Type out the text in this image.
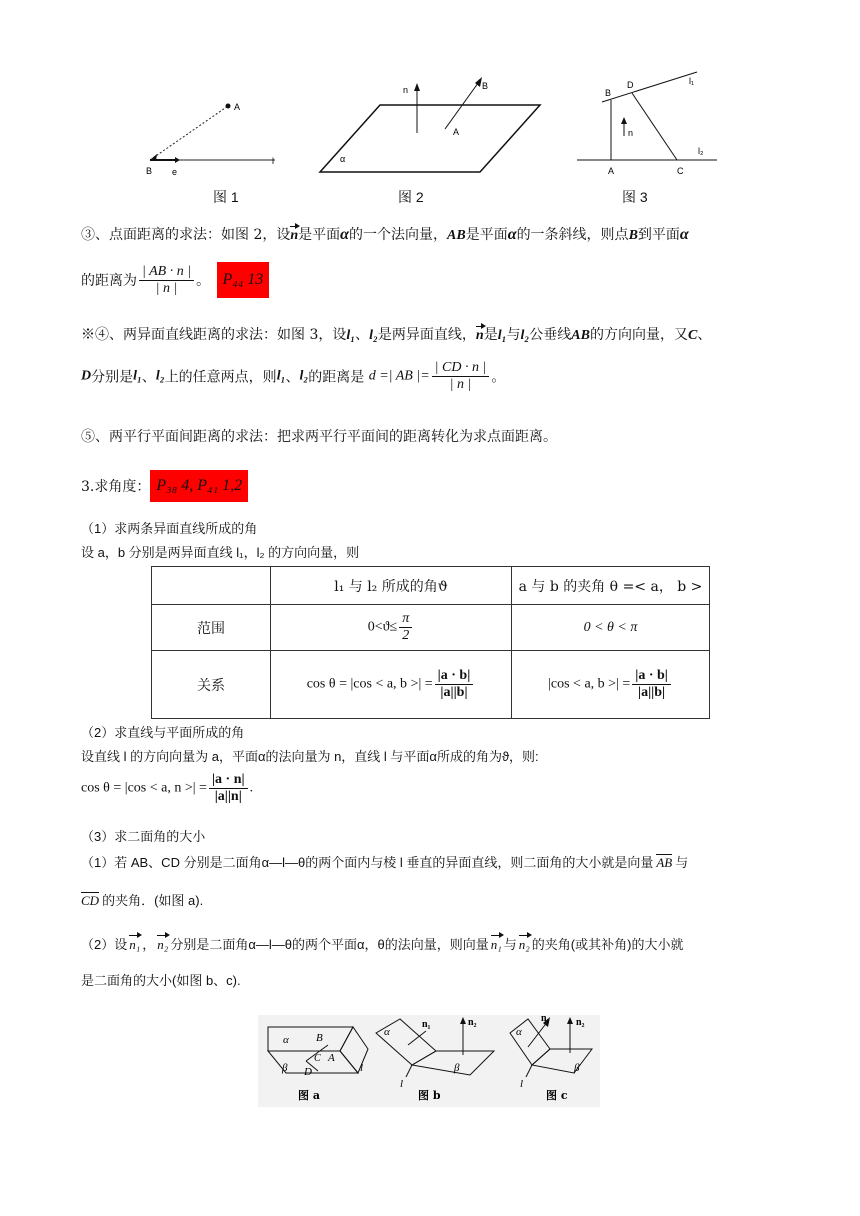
A
B e
l
图 1
n	B
A
α
图 2
B
D	l₁
n
l₂
A	C
图 3
③、点面距离的求法：如图 2，设n是平面α的一个法向量，AB是平面α的一条斜线，则点B到平面α
的距离为 $\frac{| AB \cdot n |}{| n |}$ 。 P₄₄ 13
※④、两异面直线距离的求法：如图 3，设l₁、l₂是两异面直线，n是l₁与l₂公垂线AB的方向向量，又C、
D分别是l₁、l₂上的任意两点，则l₁、l₂的距离是 d =| AB |= $\frac{| CD \cdot n |}{| n |}$ 。
⑤、两平行平面间距离的求法：把求两平行平面间的距离转化为求点面距离。
3.求角度： P₃₈ 4, P₄₁ 1,2
（1）求两条异面直线所成的角
设 a，b 分别是两异面直线 l₁，l₂ 的方向向量，则
	l₁ 与 l₂ 所成的角ϑ	a 与 b 的夹角 θ =< a， b >
范围	$0<ϑ\le \frac{\pi}{2}$	0 < θ < π
关系	cos θ = |cos < a, b >| = $\frac{|a \cdot b|}{|a||b|}$	|cos < a, b >| = $\frac{|a \cdot b|}{|a||b|}$
（2）求直线与平面所成的角
设直线 l 的方向向量为 a，平面α的法向量为 n，直线 l 与平面α所成的角为ϑ，则:
cos θ = |cos < a, n >| = $\frac{|a \cdot n|}{|a||n|}$ .
（3）求二面角的大小
（1）若 AB、CD 分别是二面角α—l—θ的两个面内与棱 l 垂直的异面直线，则二面角的大小就是向量 AB 与
CD 的夹角．(如图 a).
（2）设 n₁ ， n₂ 分别是二面角α—l—θ的两个平面α，θ的法向量，则向量 n₁ 与 n₂ 的夹角(或其补角)的大小就
是二面角的大小(如图 b、c).
α B
C A
β D	l
图 a
α
n₁	n₂
β
l
图 b
α
n₁	n₂
β
l
图 c
